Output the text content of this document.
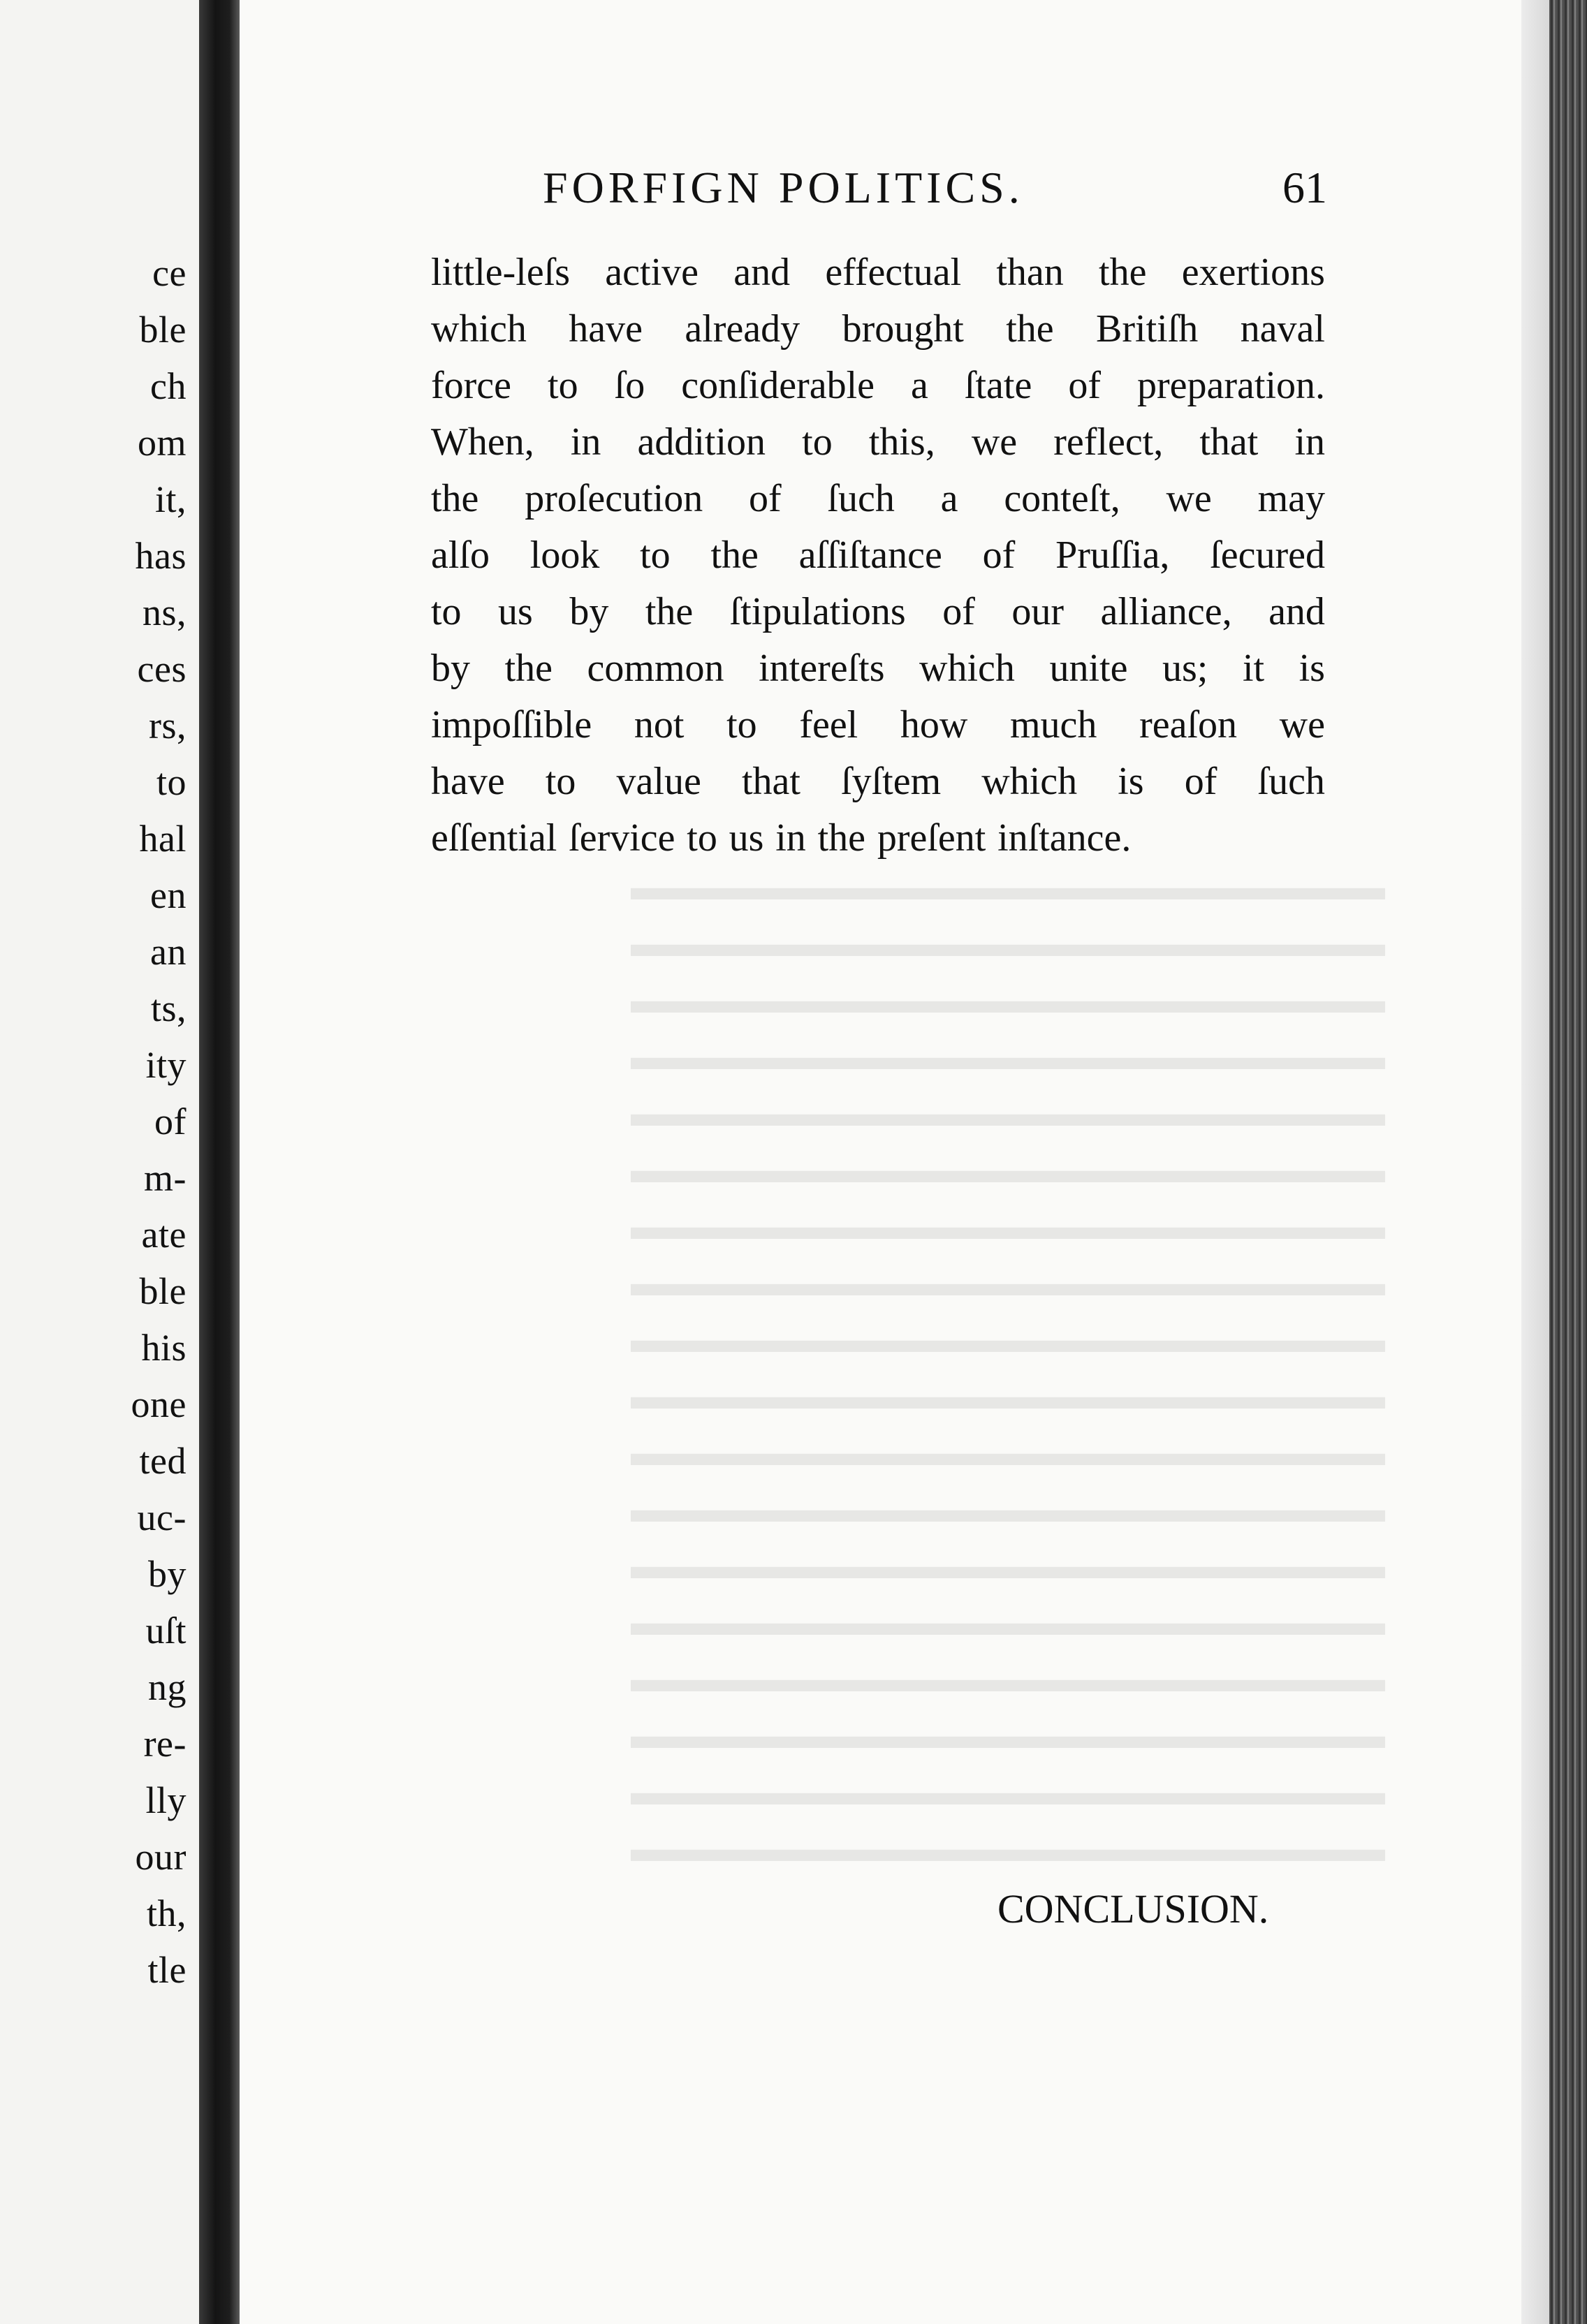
ce
ble
ch
om
it,
has
ns,
ces
rs,
to
hal
en
an
ts,
ity
of
m-
ate
ble
his
one
ted
uc-
by
uſt
ng
re-
lly
our
th,
tle
▬▬▬▬▬▬▬▬▬▬▬▬▬▬▬▬▬▬▬▬
▬▬▬▬▬▬▬▬▬▬▬▬▬▬▬▬▬▬▬▬
▬▬▬▬▬▬▬▬▬▬▬▬▬▬▬▬▬▬▬▬
▬▬▬▬▬▬▬▬▬▬▬▬▬▬▬▬▬▬▬▬
▬▬▬▬▬▬▬▬▬▬▬▬▬▬▬▬▬▬▬▬
▬▬▬▬▬▬▬▬▬▬▬▬▬▬▬▬▬▬▬▬
▬▬▬▬▬▬▬▬▬▬▬▬▬▬▬▬▬▬▬▬
▬▬▬▬▬▬▬▬▬▬▬▬▬▬▬▬▬▬▬▬
▬▬▬▬▬▬▬▬▬▬▬▬▬▬▬▬▬▬▬▬
▬▬▬▬▬▬▬▬▬▬▬▬▬▬▬▬▬▬▬▬
▬▬▬▬▬▬▬▬▬▬▬▬▬▬▬▬▬▬▬▬
▬▬▬▬▬▬▬▬▬▬▬▬▬▬▬▬▬▬▬▬
▬▬▬▬▬▬▬▬▬▬▬▬▬▬▬▬▬▬▬▬
▬▬▬▬▬▬▬▬▬▬▬▬▬▬▬▬▬▬▬▬
▬▬▬▬▬▬▬▬▬▬▬▬▬▬▬▬▬▬▬▬
▬▬▬▬▬▬▬▬▬▬▬▬▬▬▬▬▬▬▬▬
▬▬▬▬▬▬▬▬▬▬▬▬▬▬▬▬▬▬▬▬
▬▬▬▬▬▬▬▬▬▬▬▬▬▬▬▬▬▬▬▬
FORFIGN POLITICS.	61
little-leſs active and effectual than the exertions
which have already brought the Britiſh naval
force to ſo conſiderable a ſtate of preparation.
When, in addition to this, we reflect, that in
the proſecution of ſuch a conteſt, we may
alſo look to the aſſiſtance of Pruſſia, ſecured
to us by the ſtipulations of our alliance, and
by the common intereſts which unite us; it is
impoſſible not to feel how much reaſon we
have to value that ſyſtem which is of ſuch
eſſential ſervice to us in the preſent inſtance.
CONCLUSION.
